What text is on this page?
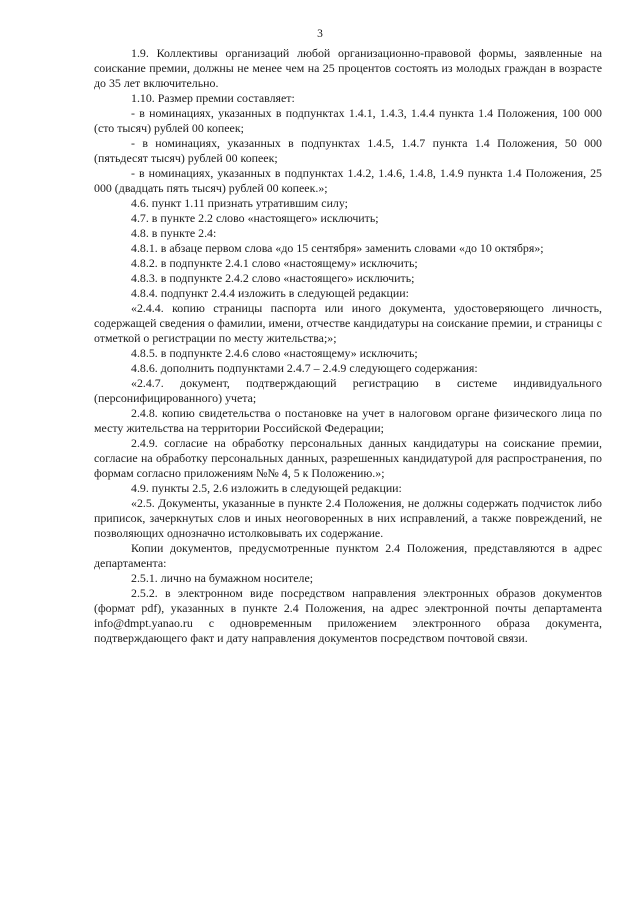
3

1.9. Коллективы организаций любой организационно-правовой формы, заявленные на соискание премии, должны не менее чем на 25 процентов состоять из молодых граждан в возрасте до 35 лет включительно.

1.10. Размер премии составляет:

- в номинациях, указанных в подпунктах 1.4.1, 1.4.3, 1.4.4 пункта 1.4 Положения, 100 000 (сто тысяч) рублей 00 копеек;

- в номинациях, указанных в подпунктах 1.4.5, 1.4.7 пункта 1.4 Положения, 50 000 (пятьдесят тысяч) рублей 00 копеек;

- в номинациях, указанных в подпунктах 1.4.2, 1.4.6, 1.4.8, 1.4.9 пункта 1.4 Положения, 25 000 (двадцать пять тысяч) рублей 00 копеек.»;

4.6. пункт 1.11 признать утратившим силу;

4.7. в пункте 2.2 слово «настоящего» исключить;

4.8. в пункте 2.4:

4.8.1. в абзаце первом слова «до 15 сентября» заменить словами «до 10 октября»;

4.8.2. в подпункте 2.4.1 слово «настоящему» исключить;

4.8.3. в подпункте 2.4.2 слово «настоящего» исключить;

4.8.4. подпункт 2.4.4 изложить в следующей редакции:

«2.4.4. копию страницы паспорта или иного документа, удостоверяющего личность, содержащей сведения о фамилии, имени, отчестве кандидатуры на соискание премии, и страницы с отметкой о регистрации по месту жительства;»;

4.8.5. в подпункте 2.4.6 слово «настоящему» исключить;

4.8.6. дополнить подпунктами 2.4.7 – 2.4.9 следующего содержания:

«2.4.7. документ, подтверждающий регистрацию в системе индивидуального (персонифицированного) учета;

2.4.8. копию свидетельства о постановке на учет в налоговом органе физического лица по месту жительства на территории Российской Федерации;

2.4.9. согласие на обработку персональных данных кандидатуры на соискание премии, согласие на обработку персональных данных, разрешенных кандидатурой для распространения, по формам согласно приложениям №№ 4, 5 к Положению.»;

4.9. пункты 2.5, 2.6 изложить в следующей редакции:

«2.5. Документы, указанные в пункте 2.4 Положения, не должны содержать подчисток либо приписок, зачеркнутых слов и иных неоговоренных в них исправлений, а также повреждений, не позволяющих однозначно истолковывать их содержание.

Копии документов, предусмотренные пунктом 2.4 Положения, представляются в адрес департамента:

2.5.1. лично на бумажном носителе;

2.5.2. в электронном виде посредством направления электронных образов документов (формат pdf), указанных в пункте 2.4 Положения, на адрес электронной почты департамента info@dmpt.yanao.ru с одновременным приложением электронного образа документа, подтверждающего факт и дату направления документов посредством почтовой связи.
